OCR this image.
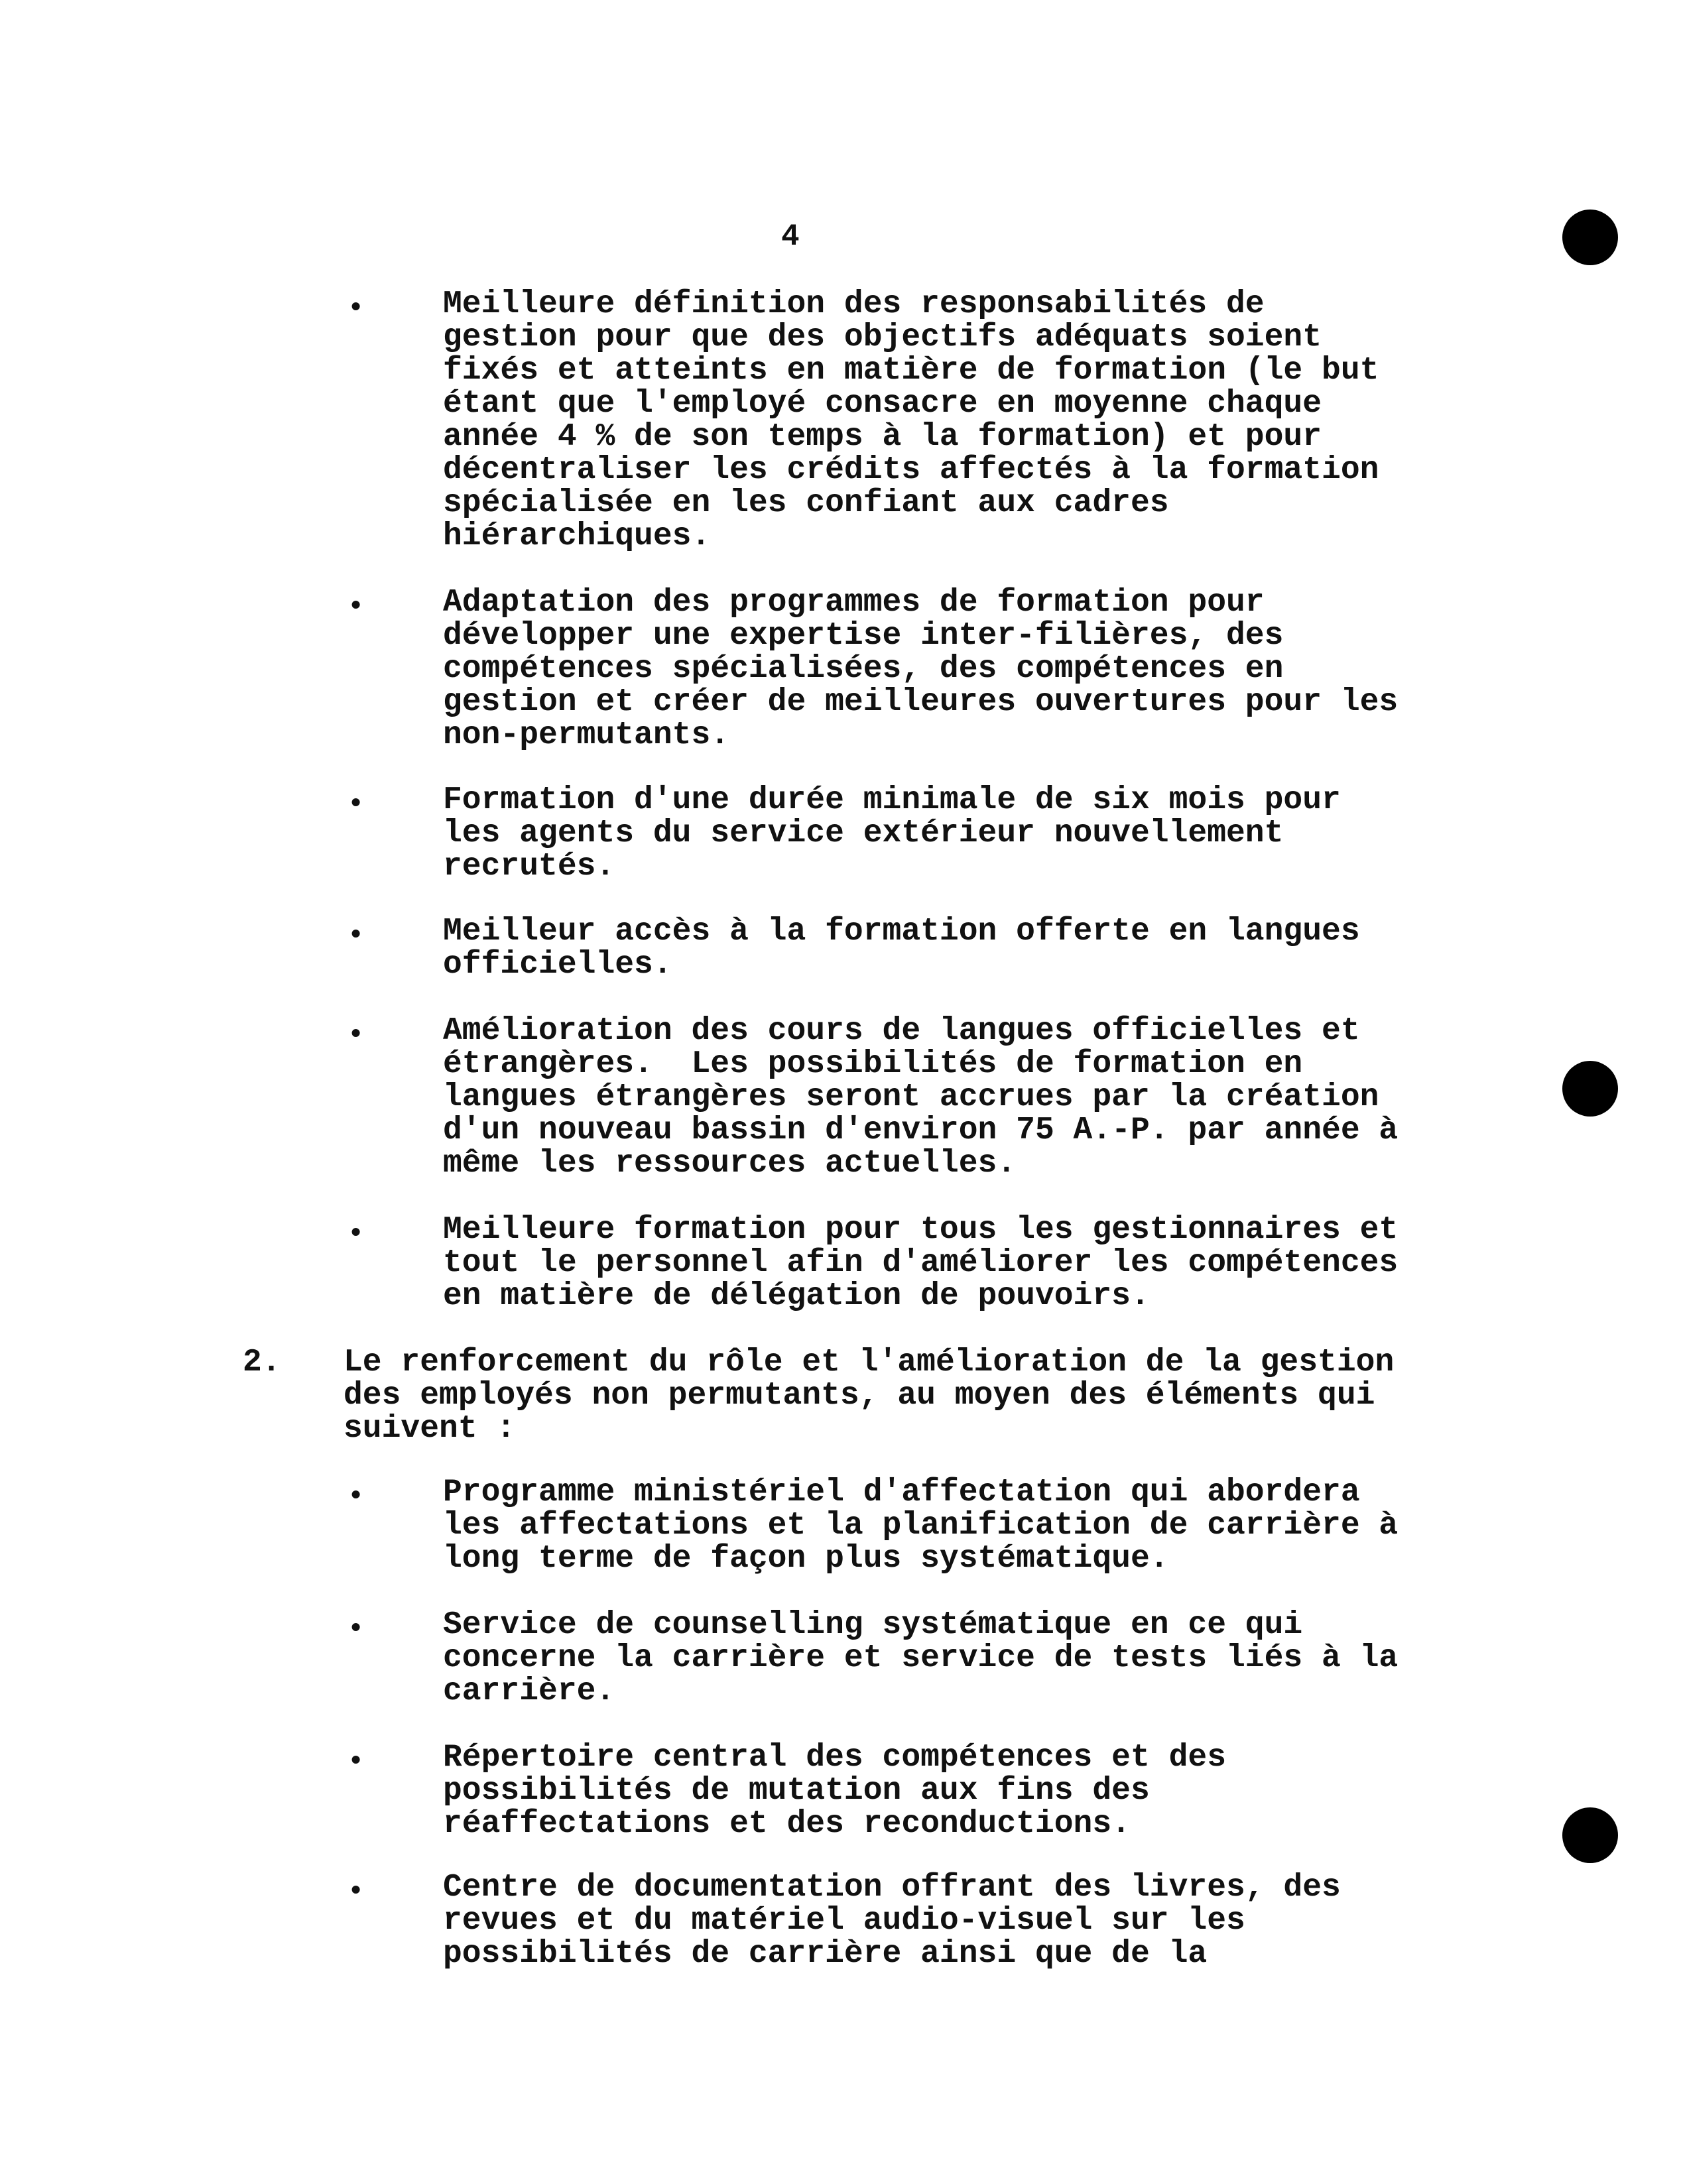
4
• Meilleure définition des responsabilités de
gestion pour que des objectifs adéquats soient
fixés et atteints en matière de formation (le but
étant que l'employé consacre en moyenne chaque
année 4 % de son temps à la formation) et pour
décentraliser les crédits affectés à la formation
spécialisée en les confiant aux cadres
hiérarchiques.
• Adaptation des programmes de formation pour
développer une expertise inter-filières, des
compétences spécialisées, des compétences en
gestion et créer de meilleures ouvertures pour les
non-permutants.
• Formation d'une durée minimale de six mois pour
les agents du service extérieur nouvellement
recrutés.
• Meilleur accès à la formation offerte en langues
officielles.
• Amélioration des cours de langues officielles et
étrangères.  Les possibilités de formation en
langues étrangères seront accrues par la création
d'un nouveau bassin d'environ 75 A.-P. par année à
même les ressources actuelles.
• Meilleure formation pour tous les gestionnaires et
tout le personnel afin d'améliorer les compétences
en matière de délégation de pouvoirs.
2. Le renforcement du rôle et l'amélioration de la gestion
des employés non permutants, au moyen des éléments qui
suivent :
• Programme ministériel d'affectation qui abordera
les affectations et la planification de carrière à
long terme de façon plus systématique.
• Service de counselling systématique en ce qui
concerne la carrière et service de tests liés à la
carrière.
• Répertoire central des compétences et des
possibilités de mutation aux fins des
réaffectations et des reconductions.
• Centre de documentation offrant des livres, des
revues et du matériel audio-visuel sur les
possibilités de carrière ainsi que de la
